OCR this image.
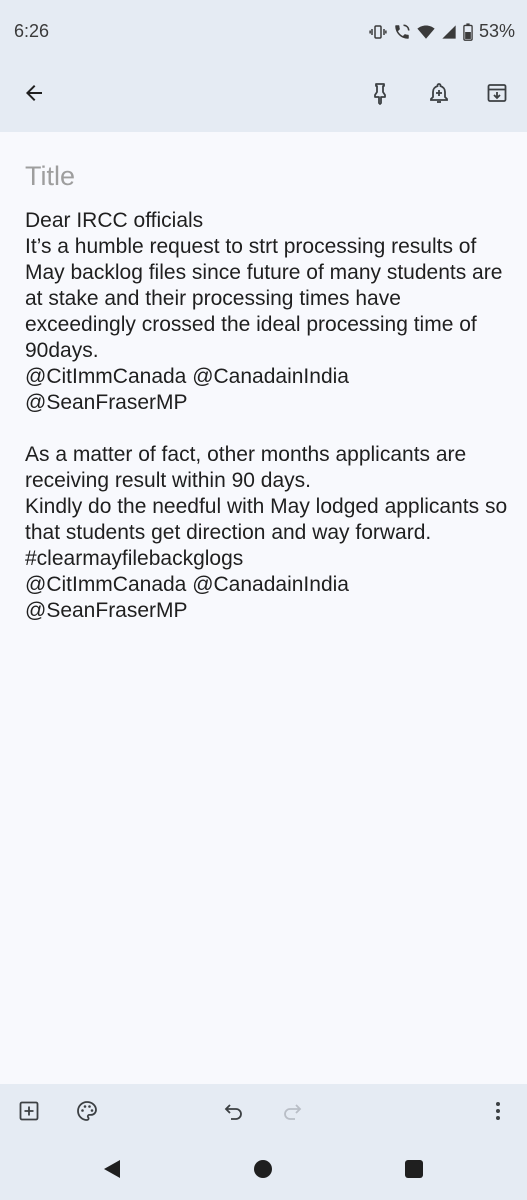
6:26	53%
Title

Dear IRCC officials
It’s a humble request to strt processing results of May backlog files since future of many students are at stake and their processing times have exceedingly crossed the ideal processing time of 90days.
@CitImmCanada @CanadainIndia
@SeanFraserMP

As a matter of fact, other months applicants are receiving result within 90 days.
Kindly do the needful with May lodged applicants so that students get direction and way forward.
#clearmayfilebackglogs
@CitImmCanada @CanadainIndia
@SeanFraserMP
